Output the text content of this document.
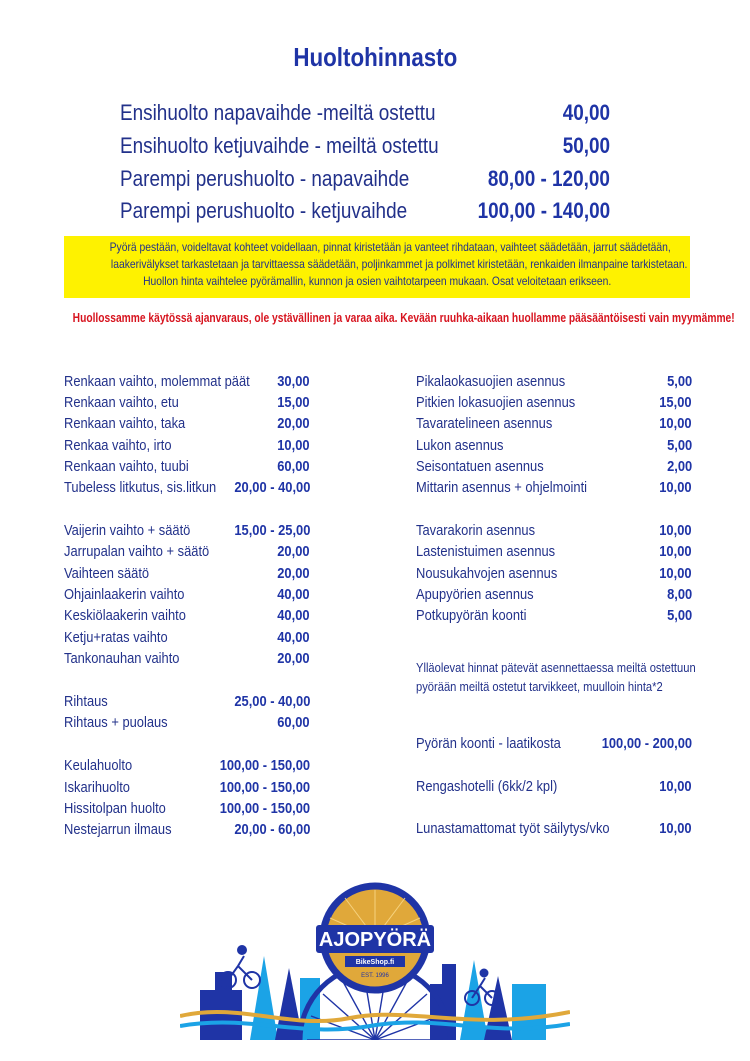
Huoltohinnasto
Ensihuolto napavaihde -meiltä ostettu	40,00
Ensihuolto ketjuvaihde - meiltä ostettu	50,00
Parempi perushuolto - napavaihde	80,00 - 120,00
Parempi perushuolto - ketjuvaihde	100,00 - 140,00
Pyörä pestään, voideltavat kohteet voidellaan, pinnat kiristetään ja vanteet rihdataan, vaihteet säädetään, jarrut säädetään,
laakerivälykset tarkastetaan ja tarvittaessa säädetään, poljinkammet ja polkimet kiristetään, renkaiden ilmanpaine tarkistetaan.
Huollon hinta vaihtelee pyörämallin, kunnon ja osien vaihtotarpeen mukaan. Osat veloitetaan erikseen.
Huollossamme käytössä ajanvaraus, ole ystävällinen ja varaa aika. Kevään ruuhka-aikaan huollamme pääsääntöisesti vain myymämme!
Renkaan vaihto, molemmat päät 30,00
Renkaan vaihto, etu	15,00
Renkaan vaihto, taka	20,00
Renkaa vaihto, irto	10,00
Renkaan vaihto, tuubi	60,00
Tubeless litkutus, sis.litkun 20,00 - 40,00
Vaijerin vaihto + säätö	15,00 - 25,00
Jarrupalan vaihto + säätö	20,00
Vaihteen säätö	20,00
Ohjainlaakerin vaihto	40,00
Keskiölaakerin vaihto	40,00
Ketju+ratas vaihto	40,00
Tankonauhan vaihto	20,00
Rihtaus	25,00 - 40,00
Rihtaus + puolaus	60,00
Keulahuolto	100,00 - 150,00
Iskarihuolto	100,00 - 150,00
Hissitolpan huolto	100,00 - 150,00
Nestejarrun ilmaus	20,00 - 60,00
Pikalaokasuojien asennus	5,00
Pitkien lokasuojien asennus	15,00
Tavaratelineen asennus	10,00
Lukon asennus	5,00
Seisontatuen asennus	2,00
Mittarin asennus + ohjelmointi	10,00
Tavarakorin asennus	10,00
Lastenistuimen asennus	10,00
Nousukahvojen asennus	10,00
Apupyörien asennus	8,00
Potkupyörän koonti	5,00
Ylläolevat hinnat pätevät asennettaessa meiltä ostettuun
pyörään meiltä ostetut tarvikkeet, muulloin hinta*2
Pyörän koonti - laatikosta	100,00 - 200,00
Rengashotelli (6kk/2 kpl)	10,00
Lunastamattomat työt säilytys/vko	10,00
AJOPYÖRÄ
BikeShop.fi
EST. 1996
